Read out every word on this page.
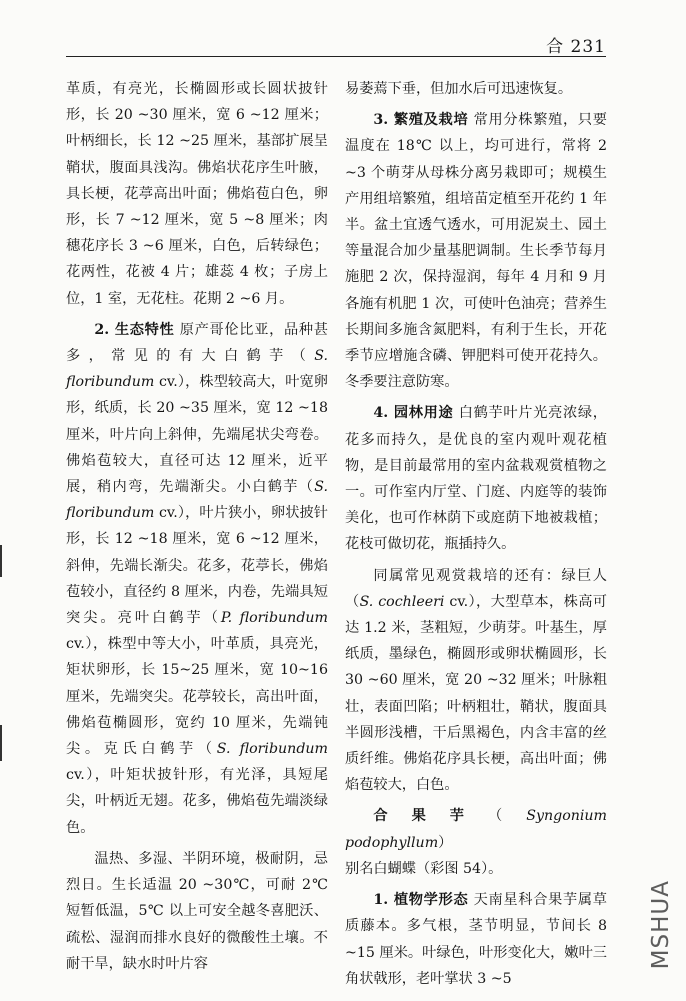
合 231

革质，有亮光，长椭圆形或长圆状披针形，长 20 ~30 厘米，宽 6 ~12 厘米；叶柄细长，长 12 ~25 厘米，基部扩展呈鞘状，腹面具浅沟。佛焰状花序生叶腋，具长梗，花葶高出叶面；佛焰苞白色，卵形，长 7 ~12 厘米，宽 5 ~8 厘米；肉穗花序长 3 ~6 厘米，白色，后转绿色；花两性，花被 4 片；雄蕊 4 枚；子房上位，1 室，无花柱。花期 2 ~6 月。

2. 生态特性 原产哥伦比亚，品种甚多，常见的有大白鹤芋（S. floribundum cv.），株型较高大，叶宽卵形，纸质，长 20 ~35 厘米，宽 12 ~18 厘米，叶片向上斜伸，先端尾状尖弯卷。佛焰苞较大，直径可达 12 厘米，近平展，稍内弯，先端渐尖。小白鹤芋（S. floribundum cv.），叶片狭小，卵状披针形，长 12 ~18 厘米，宽 6 ~12 厘米，斜伸，先端长渐尖。花多，花葶长，佛焰苞较小，直径约 8 厘米，内卷，先端具短突尖。亮叶白鹤芋（P. floribundum cv.），株型中等大小，叶革质，具亮光，矩状卵形，长 15~25 厘米，宽 10~16 厘米，先端突尖。花葶较长，高出叶面，佛焰苞椭圆形，宽约 10 厘米，先端钝尖。克氏白鹤芋（S. floribundum cv.），叶矩状披针形，有光泽，具短尾尖，叶柄近无翅。花多，佛焰苞先端淡绿色。

温热、多湿、半阴环境，极耐阴，忌烈日。生长适温 20 ~30℃，可耐 2℃ 短暂低温，5℃ 以上可安全越冬喜肥沃、疏松、湿润而排水良好的微酸性土壤。不耐干旱，缺水时叶片容

易萎蔫下垂，但加水后可迅速恢复。

3. 繁殖及栽培 常用分株繁殖，只要温度在 18℃ 以上，均可进行，常将 2 ~3 个萌芽从母株分离另栽即可；规模生产用组培繁殖，组培苗定植至开花约 1 年半。盆土宜透气透水，可用泥炭土、园土等量混合加少量基肥调制。生长季节每月施肥 2 次，保持湿润，每年 4 月和 9 月各施有机肥 1 次，可使叶色油亮；营养生长期间多施含氮肥料，有利于生长，开花季节应增施含磷、钾肥料可使开花持久。冬季要注意防寒。

4. 园林用途 白鹤芋叶片光亮浓绿，花多而持久，是优良的室内观叶观花植物，是目前最常用的室内盆栽观赏植物之一。可作室内厅堂、门庭、内庭等的装饰美化，也可作林荫下或庭荫下地被栽植；花枝可做切花，瓶插持久。

同属常见观赏栽培的还有：绿巨人（S. cochleeri cv.），大型草本，株高可达 1.2 米，茎粗短，少萌芽。叶基生，厚纸质，墨绿色，椭圆形或卵状椭圆形，长 30 ~60 厘米，宽 20 ~32 厘米；叶脉粗壮，表面凹陷；叶柄粗壮，鞘状，腹面具半圆形浅槽，干后黑褐色，内含丰富的丝质纤维。佛焰花序具长梗，高出叶面；佛焰苞较大，白色。

合果芋（Syngonium podophyllum）

别名白蝴蝶（彩图 54）。

1. 植物学形态 天南星科合果芋属草质藤本。多气根，茎节明显，节间长 8 ~15 厘米。叶绿色，叶形变化大，嫩叶三角状戟形，老叶掌状 3 ~5

MSHUA
